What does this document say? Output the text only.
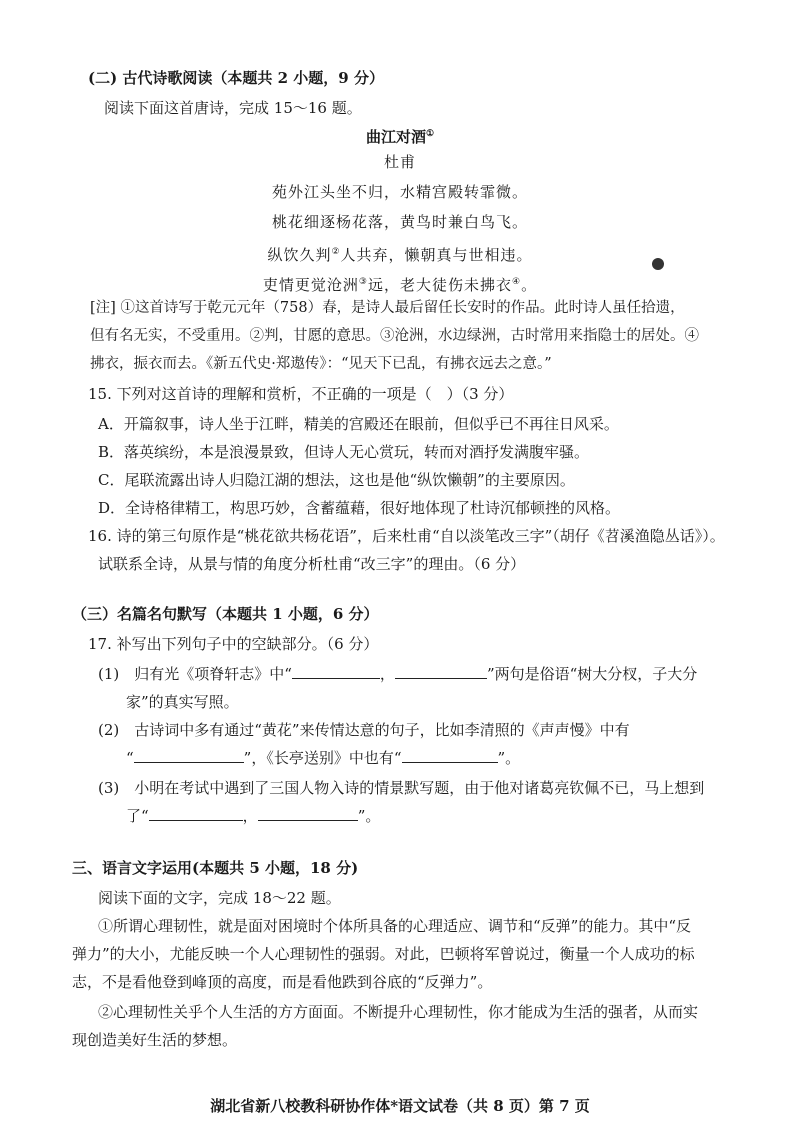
(二) 古代诗歌阅读（本题共 2 小题，9 分）
阅读下面这首唐诗，完成 15～16 题。
曲江对酒①
杜甫
苑外江头坐不归，水精宫殿转霏微。
桃花细逐杨花落，黄鸟时兼白鸟飞。
纵饮久判②人共弃，懒朝真与世相违。
吏情更觉沧洲③远，老大徒伤未拂衣④。
[注] ①这首诗写于乾元元年（758）春，是诗人最后留任长安时的作品。此时诗人虽任拾遗，
但有名无实，不受重用。②判，甘愿的意思。③沧洲，水边绿洲，古时常用来指隐士的居处。④
拂衣，振衣而去。《新五代史·郑遨传》：“见天下已乱，有拂衣远去之意。”
15. 下列对这首诗的理解和赏析，不正确的一项是（　）（3 分）
A．开篇叙事，诗人坐于江畔，精美的宫殿还在眼前，但似乎已不再往日风采。
B．落英缤纷，本是浪漫景致，但诗人无心赏玩，转而对酒抒发满腹牢骚。
C．尾联流露出诗人归隐江湖的想法，这也是他“纵饮懒朝”的主要原因。
D．全诗格律精工，构思巧妙，含蓄蕴藉，很好地体现了杜诗沉郁顿挫的风格。
16. 诗的第三句原作是“桃花欲共杨花语”，后来杜甫“自以淡笔改三字”（胡仔《苕溪渔隐丛话》）。
试联系全诗，从景与情的角度分析杜甫“改三字”的理由。（6 分）
（三）名篇名句默写（本题共 1 小题，6 分）
17. 补写出下列句子中的空缺部分。（6 分）
(1)　归有光《项脊轩志》中“	，	”两句是俗语“树大分杈，子大分
家”的真实写照。
(2)　古诗词中多有通过“黄花”来传情达意的句子，比如李清照的《声声慢》中有
“	”，《长亭送别》中也有“	”。
(3)　小明在考试中遇到了三国人物入诗的情景默写题，由于他对诸葛亮钦佩不已，马上想到
了“	，	”。
三、语言文字运用(本题共 5 小题，18 分)
阅读下面的文字，完成 18～22 题。
①所谓心理韧性，就是面对困境时个体所具备的心理适应、调节和“反弹”的能力。其中“反
弹力”的大小，尤能反映一个人心理韧性的强弱。对此，巴顿将军曾说过，衡量一个人成功的标
志，不是看他登到峰顶的高度，而是看他跌到谷底的“反弹力”。
②心理韧性关乎个人生活的方方面面。不断提升心理韧性，你才能成为生活的强者，从而实
现创造美好生活的梦想。
湖北省新八校教科研协作体*语文试卷（共 8 页）第 7 页
